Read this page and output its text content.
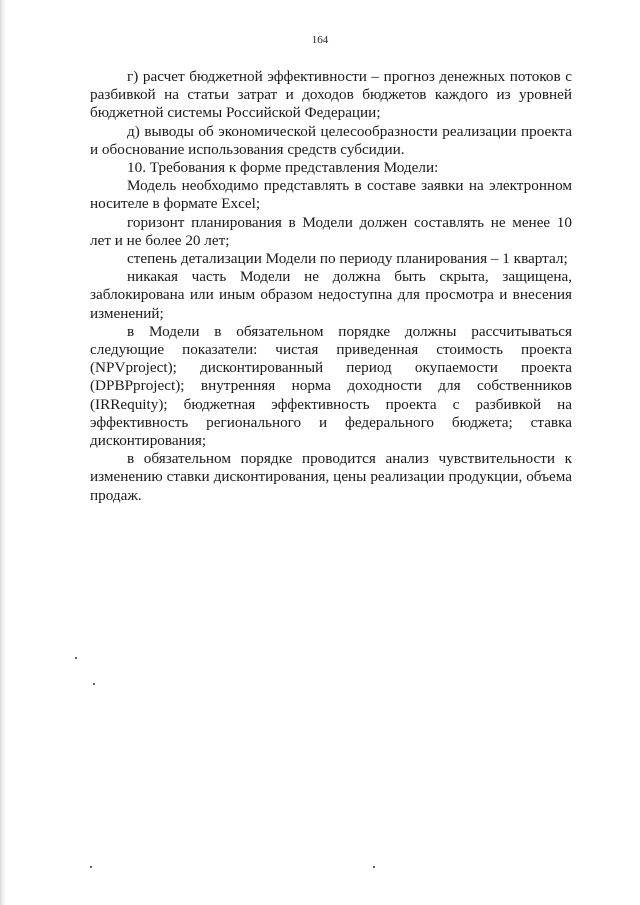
164

г) расчет бюджетной эффективности – прогноз денежных потоков с разбивкой на статьи затрат и доходов бюджетов каждого из уровней бюджетной системы Российской Федерации;

д) выводы об экономической целесообразности реализации проекта и обоснование использования средств субсидии.

10. Требования к форме представления Модели:

Модель необходимо представлять в составе заявки на электронном носителе в формате Excel;

горизонт планирования в Модели должен составлять не менее 10 лет и не более 20 лет;

степень детализации Модели по периоду планирования – 1 квартал;

никакая часть Модели не должна быть скрыта, защищена, заблокирована или иным образом недоступна для просмотра и внесения изменений;

в Модели в обязательном порядке должны рассчитываться следующие показатели: чистая приведенная стоимость проекта (NPVproject); дисконтированный период окупаемости проекта (DPBPproject); внутренняя норма доходности для собственников (IRRequity); бюджетная эффективность проекта с разбивкой на эффективность регионального и федерального бюджета; ставка дисконтирования;

в обязательном порядке проводится анализ чувствительности к изменению ставки дисконтирования, цены реализации продукции, объема продаж.
